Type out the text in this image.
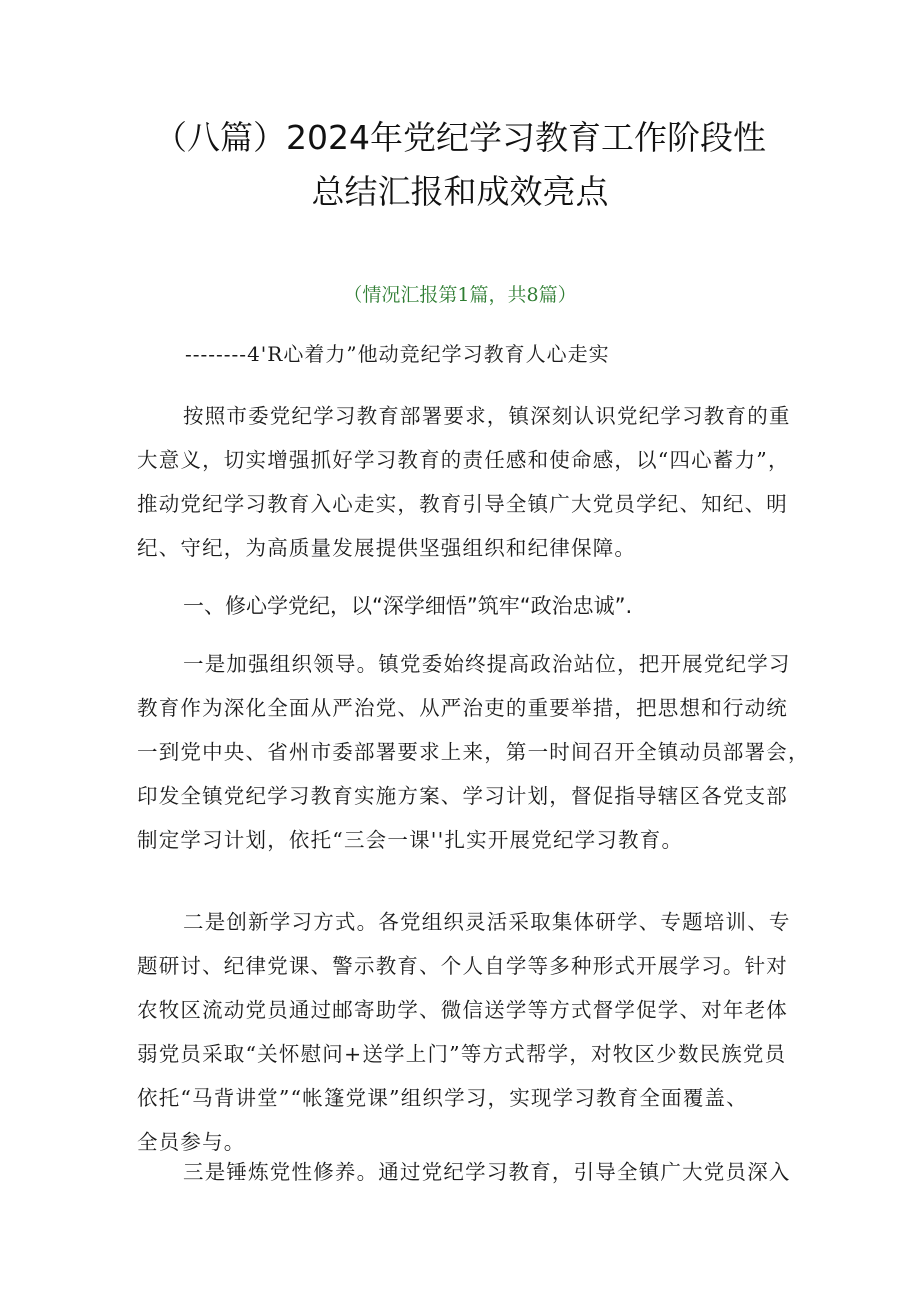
（八篇）2024年党纪学习教育工作阶段性
总结汇报和成效亮点
（情况汇报第1篇，共8篇）
--------4'R心着力”他动竞纪学习教育人心走实
按照市委党纪学习教育部署要求，镇深刻认识党纪学习教育的重
大意义，切实增强抓好学习教育的责任感和使命感，以“四心蓄力”，
推动党纪学习教育入心走实，教育引导全镇广大党员学纪、知纪、明
纪、守纪，为高质量发展提供坚强组织和纪律保障。
一、修心学党纪，以“深学细悟”筑牢“政治忠诚”.
一是加强组织领导。镇党委始终提高政治站位，把开展党纪学习
教育作为深化全面从严治党、从严治吏的重要举措，把思想和行动统
一到党中央、省州市委部署要求上来，第一时间召开全镇动员部署会，
印发全镇党纪学习教育实施方案、学习计划，督促指导辖区各党支部
制定学习计划，依托“三会一课''扎实开展党纪学习教育。
二是创新学习方式。各党组织灵活采取集体研学、专题培训、专
题研讨、纪律党课、警示教育、个人自学等多种形式开展学习。针对
农牧区流动党员通过邮寄助学、微信送学等方式督学促学、对年老体
弱党员采取“关怀慰问+送学上门”等方式帮学，对牧区少数民族党员
依托“马背讲堂”“帐篷党课”组织学习，实现学习教育全面覆盖、
全员参与。
三是锤炼党性修养。通过党纪学习教育，引导全镇广大党员深入
